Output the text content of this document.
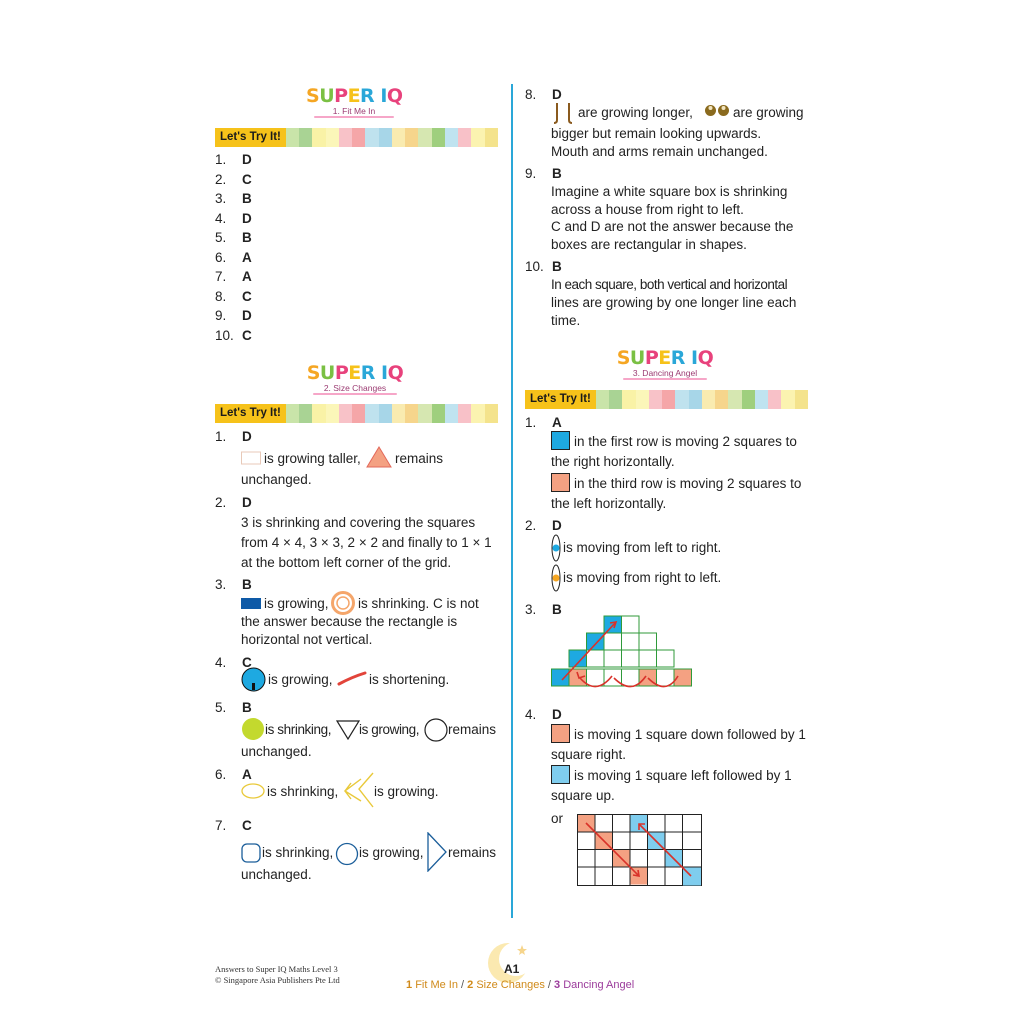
SUPER IQ
1. Fit Me In
Let's Try It!
1.	D
2.	C
3.	B
4.	D
5.	B
6.	A
7.	A
8.	C
9.	D
10. C
SUPER IQ
2. Size Changes
Let's Try It!
1. D
is growing taller,	remains
unchanged.
2. D
3 is shrinking and covering the squares
from 4 × 4, 3 × 3, 2 × 2 and finally to 1 × 1
at the bottom left corner of the grid.
3. B
is growing, is shrinking. C is not
the answer because the rectangle is
horizontal not vertical.
4. C
is growing,	is shortening.
5. B
is shrinking, is growing, remains
unchanged.
6. A
is shrinking,	is growing.
7. C
is shrinking, is growing, remains
unchanged.
8. D
are growing longer,	are growing
bigger but remain looking upwards.
Mouth and arms remain unchanged.
9. B
Imagine a white square box is shrinking
across a house from right to left.
C and D are not the answer because the
boxes are rectangular in shapes.
10. B
In each square, both vertical and horizontal
lines are growing by one longer line each
time.
SUPER IQ
3. Dancing Angel
Let's Try It!
1. A
in the first row is moving 2 squares to
the right horizontally.
in the third row is moving 2 squares to
the left horizontally.
2. D
is moving from left to right.
is moving from right to left.
3. B
4. D
is moving 1 square down followed by 1
square right.
is moving 1 square left followed by 1
square up.
or
Answers to Super IQ Maths Level 3
© Singapore Asia Publishers Pte Ltd
A1
1 Fit Me In / 2 Size Changes / 3 Dancing Angel
